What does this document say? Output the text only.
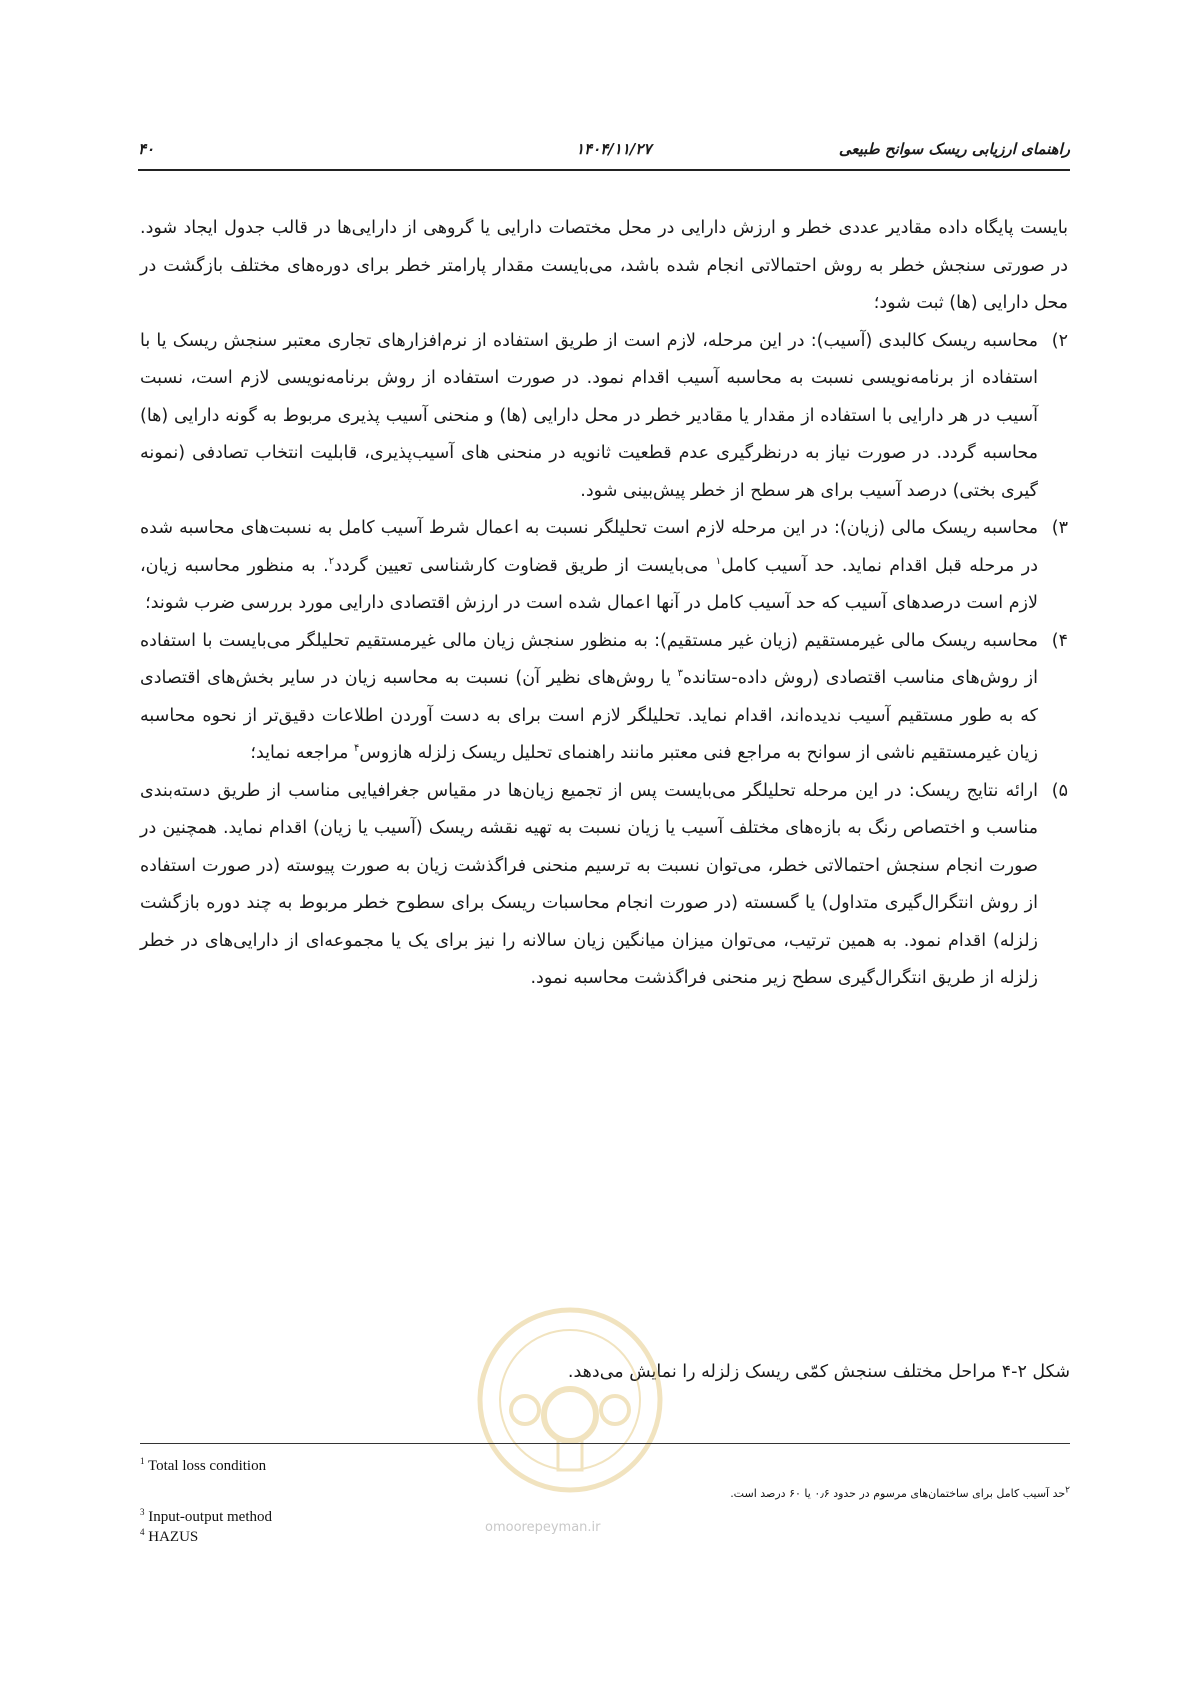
۴۰	۱۴۰۴/۱۱/۲۷	راهنمای ارزیابی ریسک سوانح طبیعی

بایست پایگاه داده مقادیر عددی خطر و ارزش دارایی در محل مختصات دارایی یا گروهی از دارایی‌ها در قالب جدول ایجاد شود. در صورتی سنجش خطر به روش احتمالاتی انجام شده باشد، می‌بایست مقدار پارامتر خطر برای دوره‌های مختلف بازگشت در محل دارایی (ها) ثبت شود؛

۲)

محاسبه ریسک کالبدی (آسیب): در این مرحله، لازم است از طریق استفاده از نرم‌افزارهای تجاری معتبر سنجش ریسک یا با استفاده از برنامه‌نویسی نسبت به محاسبه آسیب اقدام نمود. در صورت استفاده از روش برنامه‌نویسی لازم است، نسبت آسیب در هر دارایی با استفاده از مقدار یا مقادیر خطر در محل دارایی (ها) و منحنی آسیب پذیری مربوط به گونه دارایی (ها) محاسبه گردد. در صورت نیاز به درنظرگیری عدم قطعیت ثانویه در منحنی های آسیب‌پذیری، قابلیت انتخاب تصادفی (نمونه گیری بختی) درصد آسیب برای هر سطح از خطر پیش‌بینی شود.

۳)

محاسبه ریسک مالی (زیان): در این مرحله لازم است تحلیلگر نسبت به اعمال شرط آسیب کامل به نسبت‌های محاسبه شده در مرحله قبل اقدام نماید. حد آسیب کامل$^۱$ می‌بایست از طریق قضاوت کارشناسی تعیین گردد$^۲$. به منظور محاسبه زیان، لازم است درصدهای آسیب که حد آسیب کامل در آنها اعمال شده است در ارزش اقتصادی دارایی مورد بررسی ضرب شوند؛

۴)

محاسبه ریسک مالی غیرمستقیم (زیان غیر مستقیم): به منظور سنجش زیان مالی غیرمستقیم تحلیلگر می‌بایست با استفاده از روش‌های مناسب اقتصادی (روش داده-ستانده$^۳$ یا روش‌های نظیر آن) نسبت به محاسبه زیان در سایر بخش‌های اقتصادی که به طور مستقیم آسیب ندیده‌اند، اقدام نماید. تحلیلگر لازم است برای به دست آوردن اطلاعات دقیق‌تر از نحوه محاسبه زیان غیرمستقیم ناشی از سوانح به مراجع فنی معتبر مانند راهنمای تحلیل ریسک زلزله هازوس$^۴$ مراجعه نماید؛

۵)

ارائه نتایج ریسک: در این مرحله تحلیلگر می‌بایست پس از تجمیع زیان‌ها در مقیاس جغرافیایی مناسب از طریق دسته‌بندی مناسب و اختصاص رنگ به بازه‌های مختلف آسیب یا زیان نسبت به تهیه نقشه ریسک (آسیب یا زیان) اقدام نماید. همچنین در صورت انجام سنجش احتمالاتی خطر، می‌توان نسبت به ترسیم منحنی فراگذشت زیان به صورت پیوسته (در صورت استفاده از روش انتگرال‌گیری متداول) یا گسسته (در صورت انجام محاسبات ریسک برای سطوح خطر مربوط به چند دوره بازگشت زلزله) اقدام نمود. به همین ترتیب، می‌توان میزان میانگین زیان سالانه را نیز برای یک یا مجموعه‌ای از دارایی‌های در خطر زلزله از طریق انتگرال‌گیری سطح زیر منحنی فراگذشت محاسبه نمود.

شکل ۲-۴ مراحل مختلف سنجش کمّی ریسک زلزله را نمایش می‌دهد.
omoorepeyman.ir
$^1$ Total loss condition
$^۲$حد آسیب کامل برای ساختمان‌های مرسوم در حدود ۰٫۶ یا ۶۰ درصد است.
$^3$ Input-output method
$^4$ HAZUS
